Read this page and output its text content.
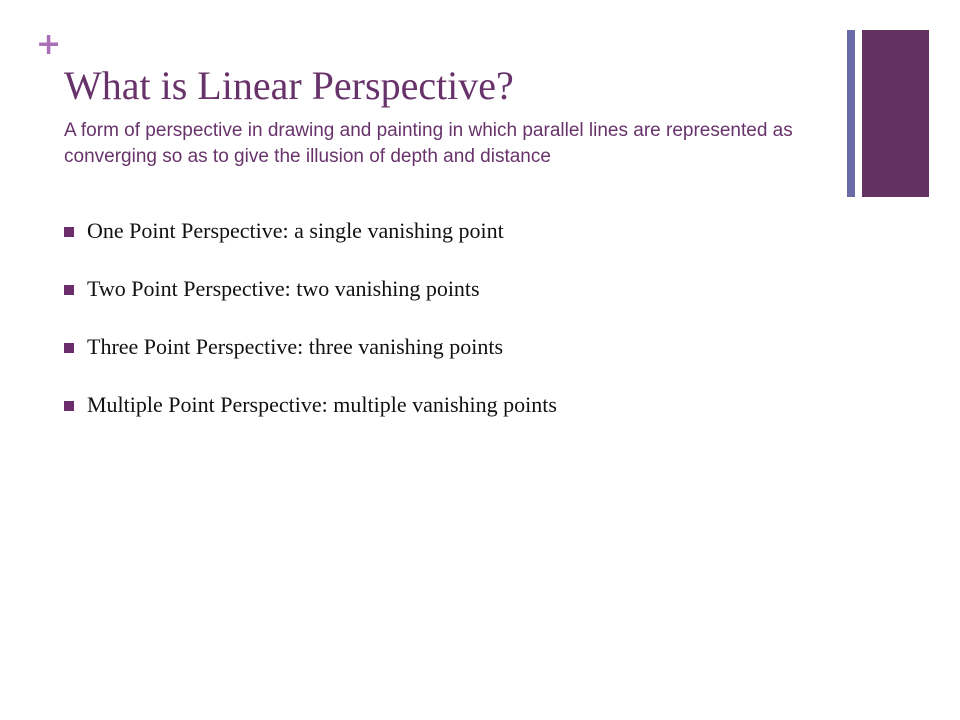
+
What is Linear Perspective?

A form of perspective in drawing and painting in which parallel lines are represented as converging so as to give the illusion of depth and distance

One Point Perspective: a single vanishing point
Two Point Perspective: two vanishing points
Three Point Perspective: three vanishing points
Multiple Point Perspective: multiple vanishing points
